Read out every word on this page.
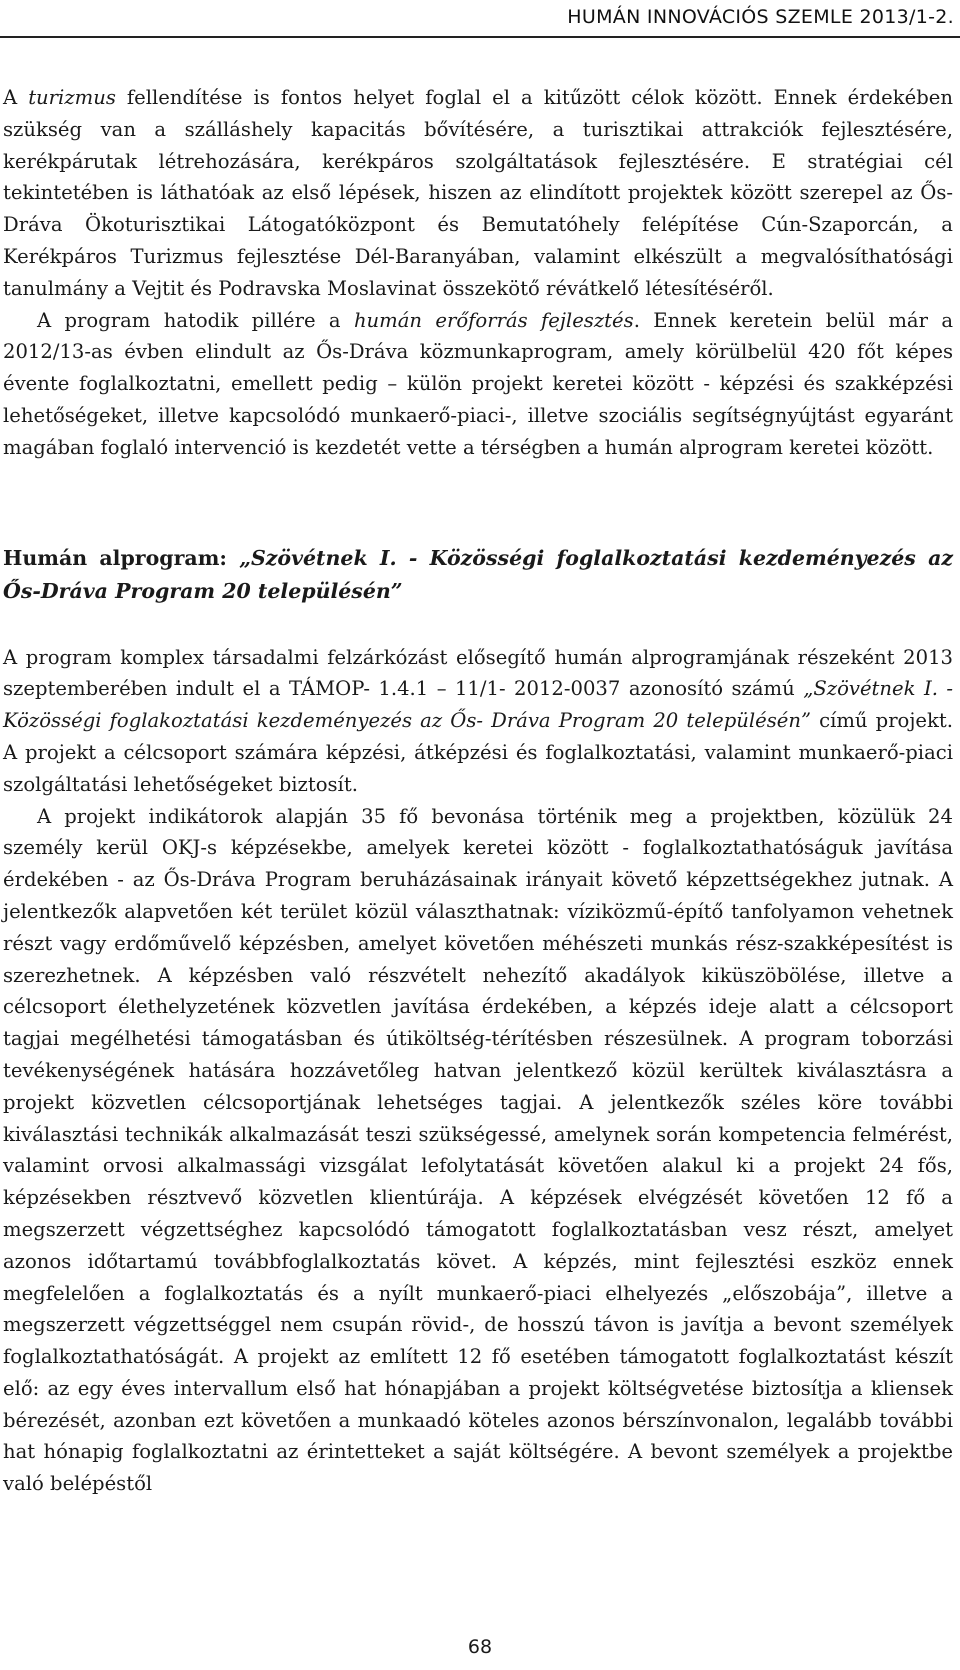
HUMÁN INNOVÁCIÓS SZEMLE 2013/1-2.

A turizmus fellendítése is fontos helyet foglal el a kitűzött célok között. Ennek érdekében szükség van a szálláshely kapacitás bővítésére, a turisztikai attrakciók fejlesztésére, kerékpárutak létrehozására, kerékpáros szolgáltatások fejlesztésére. E stratégiai cél tekintetében is láthatóak az első lépések, hiszen az elindított projektek között szerepel az Ős-Dráva Ökoturisztikai Látogatóközpont és Bemutatóhely felépítése Cún-Szaporcán, a Kerékpáros Turizmus fejlesztése Dél-Baranyában, valamint elkészült a megvalósíthatósági tanulmány a Vejtit és Podravska Moslavinat összekötő révátkelő létesítéséről.

A program hatodik pillére a humán erőforrás fejlesztés. Ennek keretein belül már a 2012/13-as évben elindult az Ős-Dráva közmunkaprogram, amely körülbelül 420 főt képes évente foglalkoztatni, emellett pedig – külön projekt keretei között - képzési és szakképzési lehetőségeket, illetve kapcsolódó munkaerő-piaci-, illetve szociális segítségnyújtást egyaránt magában foglaló intervenció is kezdetét vette a térségben a humán alprogram keretei között.

Humán alprogram: „Szövétnek I. - Közösségi foglalkoztatási kezdeményezés az Ős-Dráva Program 20 településén”

A program komplex társadalmi felzárkózást elősegítő humán alprogramjának részeként 2013 szeptemberében indult el a TÁMOP- 1.4.1 – 11/1- 2012-0037 azonosító számú „Szövétnek I. - Közösségi foglakoztatási kezdeményezés az Ős- Dráva Program 20 településén” című projekt. A projekt a célcsoport számára képzési, átképzési és foglalkoztatási, valamint munkaerő-piaci szolgáltatási lehetőségeket biztosít.

A projekt indikátorok alapján 35 fő bevonása történik meg a projektben, közülük 24 személy kerül OKJ-s képzésekbe, amelyek keretei között - foglalkoztathatóságuk javítása érdekében - az Ős-Dráva Program beruházásainak irányait követő képzettségekhez jutnak. A jelentkezők alapvetően két terület közül választhatnak: víziközmű-építő tanfolyamon vehetnek részt vagy erdőművelő képzésben, amelyet követően méhészeti munkás rész-szakképesítést is szerezhetnek. A képzésben való részvételt nehezítő akadályok kiküszöbölése, illetve a célcsoport élethelyzetének közvetlen javítása érdekében, a képzés ideje alatt a célcsoport tagjai megélhetési támogatásban és útiköltség-térítésben részesülnek. A program toborzási tevékenységének hatására hozzávetőleg hatvan jelentkező közül kerültek kiválasztásra a projekt közvetlen célcsoportjának lehetséges tagjai. A jelentkezők széles köre további kiválasztási technikák alkalmazását teszi szükségessé, amelynek során kompetencia felmérést, valamint orvosi alkalmassági vizsgálat lefolytatását követően alakul ki a projekt 24 fős, képzésekben résztvevő közvetlen klientúrája. A képzések elvégzését követően 12 fő a megszerzett végzettséghez kapcsolódó támogatott foglalkoztatásban vesz részt, amelyet azonos időtartamú továbbfoglalkoztatás követ. A képzés, mint fejlesztési eszköz ennek megfelelően a foglalkoztatás és a nyílt munkaerő-piaci elhelyezés „előszobája”, illetve a megszerzett végzettséggel nem csupán rövid-, de hosszú távon is javítja a bevont személyek foglalkoztathatóságát. A projekt az említett 12 fő esetében támogatott foglalkoztatást készít elő: az egy éves intervallum első hat hónapjában a projekt költségvetése biztosítja a kliensek bérezését, azonban ezt követően a munkaadó köteles azonos bérszínvonalon, legalább további hat hónapig foglalkoztatni az érintetteket a saját költségére. A bevont személyek a projektbe való belépéstől

68
